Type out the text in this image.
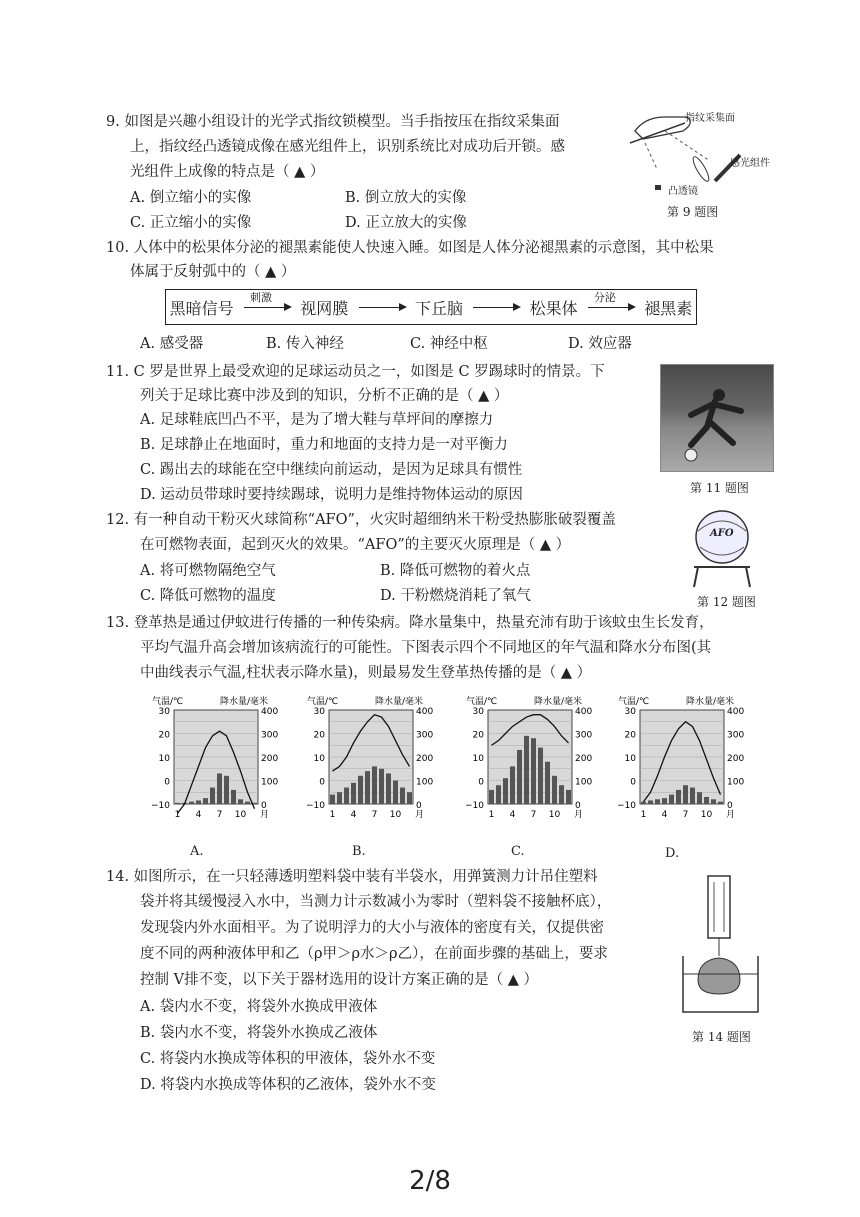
9. 如图是兴趣小组设计的光学式指纹锁模型。当手指按压在指纹采集面
上，指纹经凸透镜成像在感光组件上，识别系统比对成功后开锁。感
光组件上成像的特点是（ ▲ ）
A. 倒立缩小的实像	B. 倒立放大的实像
C. 正立缩小的实像	D. 正立放大的实像
指纹采集面
感光组件
凸透镜
第 9 题图
10. 人体中的松果体分泌的褪黑素能使人快速入睡。如图是人体分泌褪黑素的示意图，其中松果
体属于反射弧中的（ ▲ ）
黑暗信号
刺激
视网膜	下丘脑	松果体
分泌
褪黑素
A. 感受器	B. 传入神经	C. 神经中枢	D. 效应器
11. C 罗是世界上最受欢迎的足球运动员之一，如图是 C 罗踢球时的情景。下
列关于足球比赛中涉及到的知识，分析不正确的是（ ▲ ）
A. 足球鞋底凹凸不平，是为了增大鞋与草坪间的摩擦力
B. 足球静止在地面时，重力和地面的支持力是一对平衡力
C. 踢出去的球能在空中继续向前运动，是因为足球具有惯性
D. 运动员带球时要持续踢球，说明力是维持物体运动的原因	第 11 题图
12. 有一种自动干粉灭火球简称“AFO”，火灾时超细纳米干粉受热膨胀破裂覆盖
在可燃物表面，起到灭火的效果。“AFO”的主要灭火原理是（ ▲ ）
A. 将可燃物隔绝空气	B. 降低可燃物的着火点
C. 降低可燃物的温度	D. 干粉燃烧消耗了氧气
AFO
第 12 题图
13. 登革热是通过伊蚊进行传播的一种传染病。降水量集中，热量充沛有助于该蚊虫生长发育，
平均气温升高会增加该病流行的可能性。下图表示四个不同地区的年气温和降水分布图(其
中曲线表示气温,柱状表示降水量)，则最易发生登革热传播的是（ ▲ ）
30
20
10
0
−10
400
300
200
100
0
1 4 7 10 月
气温/℃	降水量/毫米
30
20
10
0
−10
400
300
200
100
0
1 4 7 10 月
气温/℃	降水量/毫米
30
20
10
0
−10
400
300
200
100
0
1 4 7 10 月
气温/℃	降水量/毫米
30
20
10
0
−10
400
300
200
100
0
1 4 7 10 月
气温/℃	降水量/毫米
A.	B.	C.	D.
14. 如图所示，在一只轻薄透明塑料袋中装有半袋水，用弹簧测力计吊住塑料
袋并将其缓慢浸入水中，当测力计示数减小为零时（塑料袋不接触杯底），
发现袋内外水面相平。为了说明浮力的大小与液体的密度有关，仅提供密
度不同的两种液体甲和乙（ρ甲＞ρ水＞ρ乙），在前面步骤的基础上，要求
控制 V排不变，以下关于器材选用的设计方案正确的是（ ▲ ）
A. 袋内水不变，将袋外水换成甲液体
B. 袋内水不变，将袋外水换成乙液体
C. 将袋内水换成等体积的甲液体，袋外水不变
D. 将袋内水换成等体积的乙液体，袋外水不变
第 14 题图
2/8
